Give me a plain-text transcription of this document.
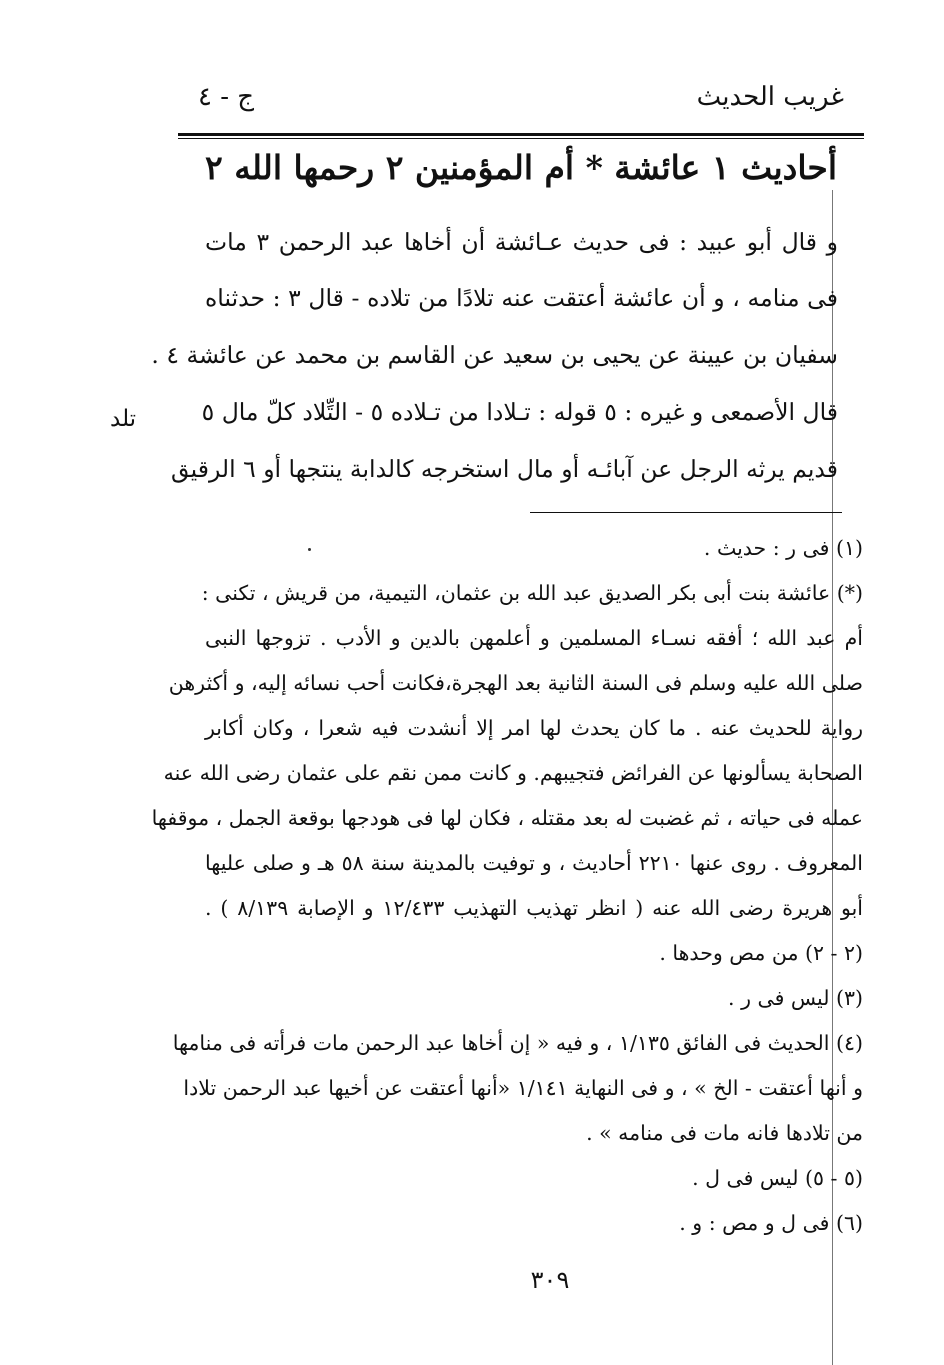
غريب الحديث
ج - ٤
أحاديث ١ عائشة * أم المؤمنين ٢ رحمها الله ٢
و قال أبو عبيد : فى حديث عـائشة أن أخاها عبد الرحمن ٣ مات
فى منامه ، و أن عائشة أعتقت عنه تلادًا من تلاده - قال ٣ : حدثناه
سفيان بن عيينة عن يحيى بن سعيد عن القاسم بن محمد عن عائشة ٤ .
قال الأصمعى و غيره : ٥ قوله : تـلادا من تـلاده ٥ - التِّلاد كلّ مال ٥
قديم يرثه الرجل عن آبائـه أو مال استخرجه كالدابة ينتجها أو ٦ الرقيق
تلد
(١) فى ر : حديث .
(*) عائشة بنت أبى بكر الصديق عبد الله بن عثمان، التيمية، من قريش ، تكنى :
أم عبد الله ؛ أفقه نسـاء المسلمين و أعلمهن بالدين و الأدب . تزوجها النبى
صلى الله عليه وسلم فى السنة الثانية بعد الهجرة،فكانت أحب نسائه إليه، و أكثرهن
رواية للحديث عنه . ما كان يحدث لها امر إلا أنشدت فيه شعرا ، وكان أكابر
الصحابة يسألونها عن الفرائض فتجيبهم. و كانت ممن نقم على عثمان رضى الله عنه
عمله فى حياته ، ثم غضبت له بعد مقتله ، فكان لها فى هودجها بوقعة الجمل ، موقفها
المعروف . روى عنها ٢٢١٠ أحاديث ، و توفيت بالمدينة سنة ٥٨ هـ و صلى عليها
أبو هريرة رضى الله عنه ( انظر تهذيب التهذيب ١٢/٤٣٣ و الإصابة ٨/١٣٩ ) .
(٢ - ٢) من مص وحدها .
(٣) ليس فى ر .
(٤) الحديث فى الفائق ١/١٣٥ ، و فيه « إن أخاها عبد الرحمن مات فرأته فى منامها
و أنها أعتقت - الخ » ، و فى النهاية ١/١٤١ «أنها أعتقت عن أخيها عبد الرحمن تلادا
من تلادها فانه مات فى منامه » .
(٥ - ٥) ليس فى ل .
(٦) فى ل و مص : و .
٣٠٩
